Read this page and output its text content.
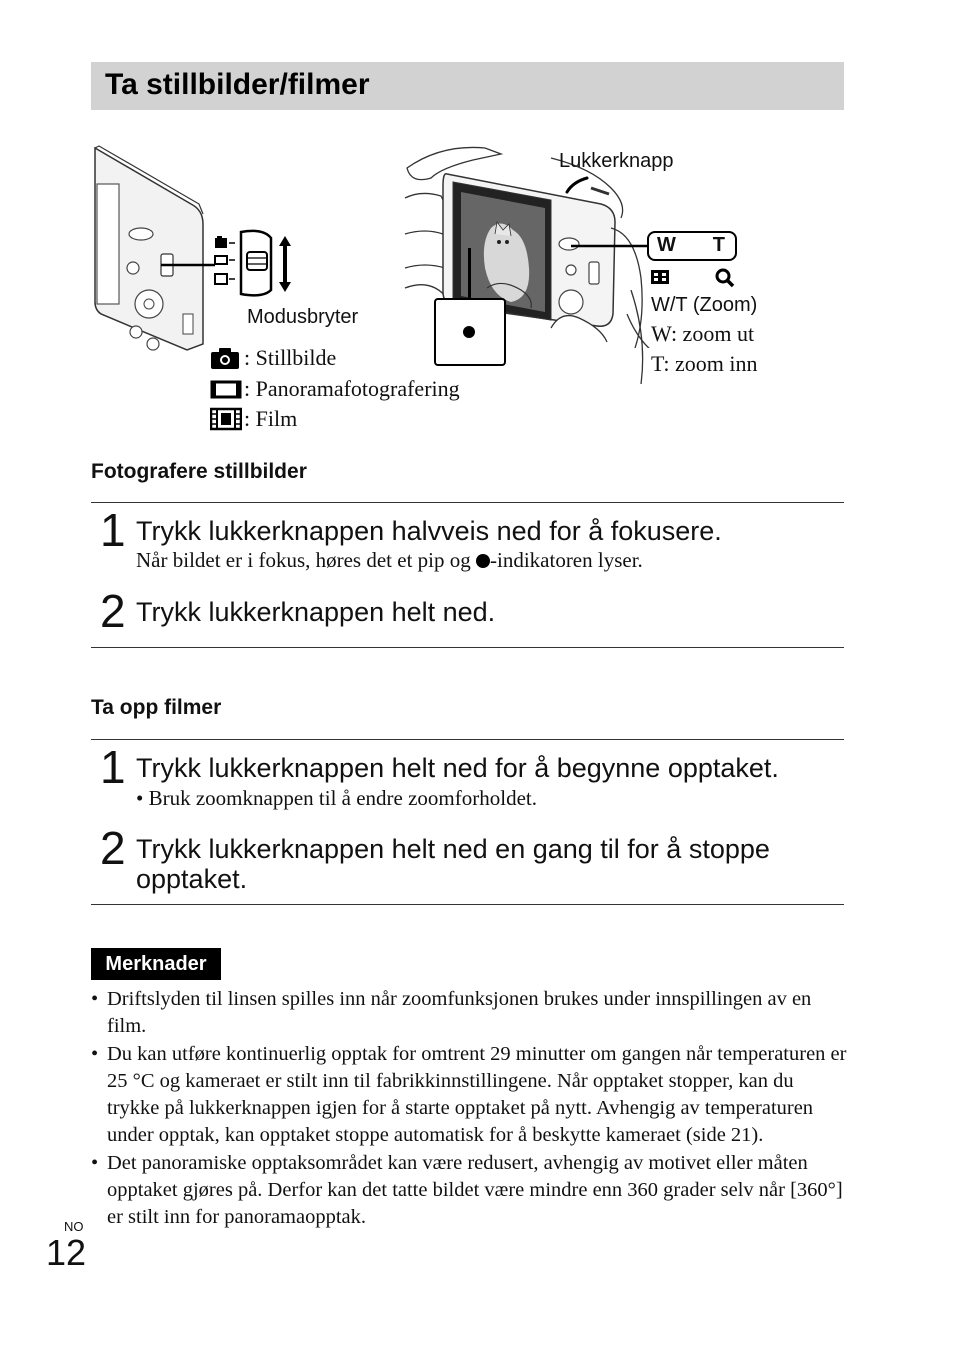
Ta stillbilder/filmer
Modusbryter
Lukkerknapp
W T
W/T (Zoom)
W: zoom ut
T: zoom inn
: Stillbilde
: Panoramafotografering
: Film
Fotografere stillbilder
1 Trykk lukkerknappen halvveis ned for å fokusere.
Når bildet er i fokus, høres det et pip og -indikatoren lyser.
2 Trykk lukkerknappen helt ned.
Ta opp filmer
1 Trykk lukkerknappen helt ned for å begynne opptaket.
• Bruk zoomknappen til å endre zoomforholdet.
2 Trykk lukkerknappen helt ned en gang til for å stoppe opptaket.
Merknader

• Driftslyden til linsen spilles inn når zoomfunksjonen brukes under innspillingen av en film.

• Du kan utføre kontinuerlig opptak for omtrent 29 minutter om gangen når temperaturen er 25 °C og kameraet er stilt inn til fabrikkinnstillingene. Når opptaket stopper, kan du trykke på lukkerknappen igjen for å starte opptaket på nytt. Avhengig av temperaturen under opptak, kan opptaket stoppe automatisk for å beskytte kameraet (side 21).

• Det panoramiske opptaksområdet kan være redusert, avhengig av motivet eller måten opptaket gjøres på. Derfor kan det tatte bildet være mindre enn 360 grader selv når [360°] er stilt inn for panoramaopptak.

NO
12
